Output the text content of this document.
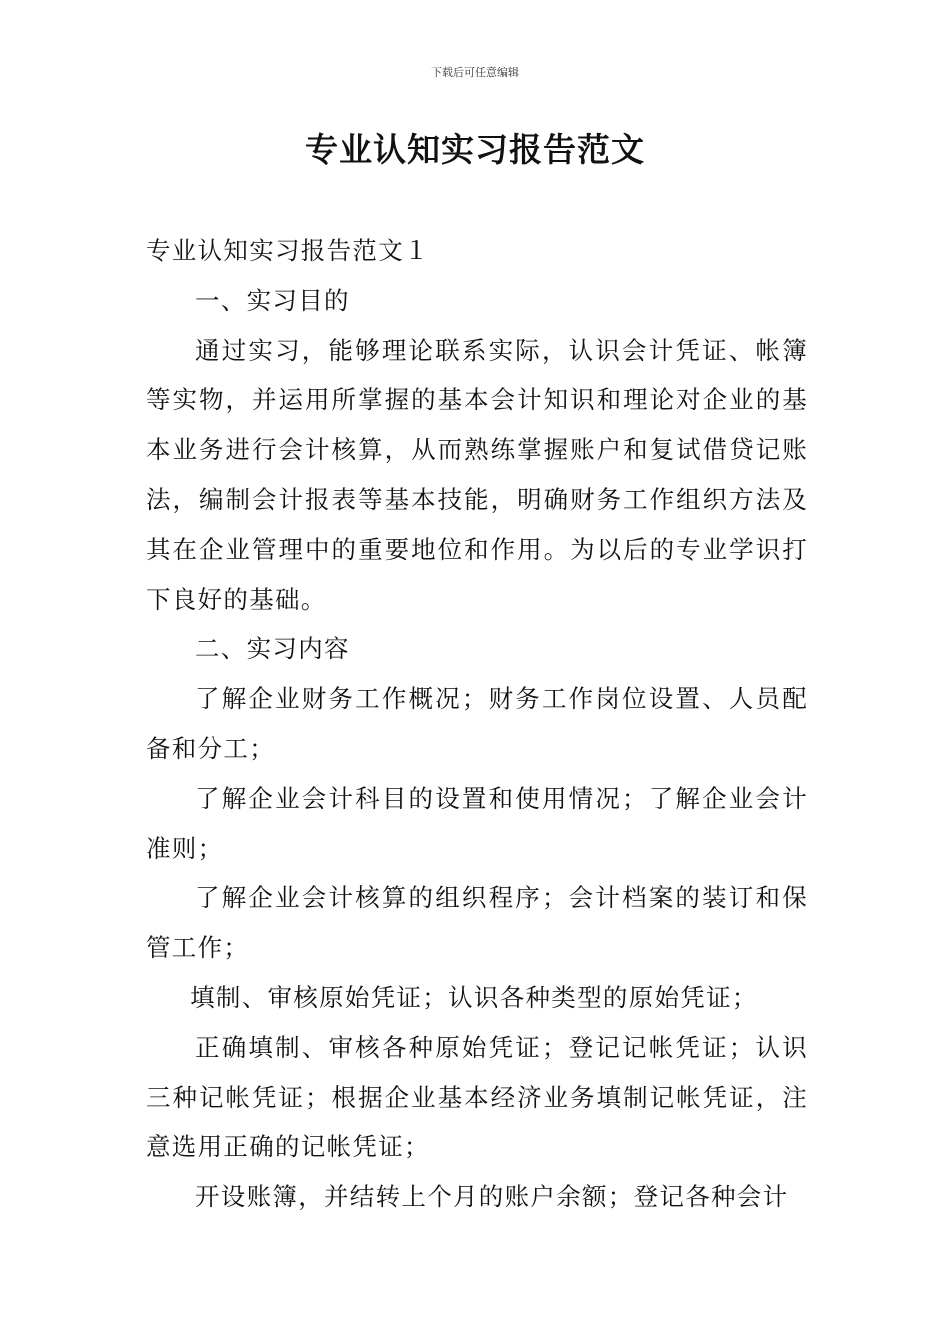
下载后可任意编辑
专业认知实习报告范文

专业认知实习报告范文１

一、实习目的

通过实习，能够理论联系实际，认识会计凭证、帐簿等实物，并运用所掌握的基本会计知识和理论对企业的基本业务进行会计核算，从而熟练掌握账户和复试借贷记账法，编制会计报表等基本技能，明确财务工作组织方法及其在企业管理中的重要地位和作用。为以后的专业学识打下良好的基础。

二、实习内容

了解企业财务工作概况；财务工作岗位设置、人员配备和分工；

了解企业会计科目的设置和使用情况；了解企业会计准则；

了解企业会计核算的组织程序；会计档案的装订和保管工作；

填制、审核原始凭证；认识各种类型的原始凭证；

正确填制、审核各种原始凭证；登记记帐凭证；认识三种记帐凭证；根据企业基本经济业务填制记帐凭证，注意选用正确的记帐凭证；

开设账簿，并结转上个月的账户余额；登记各种会计
